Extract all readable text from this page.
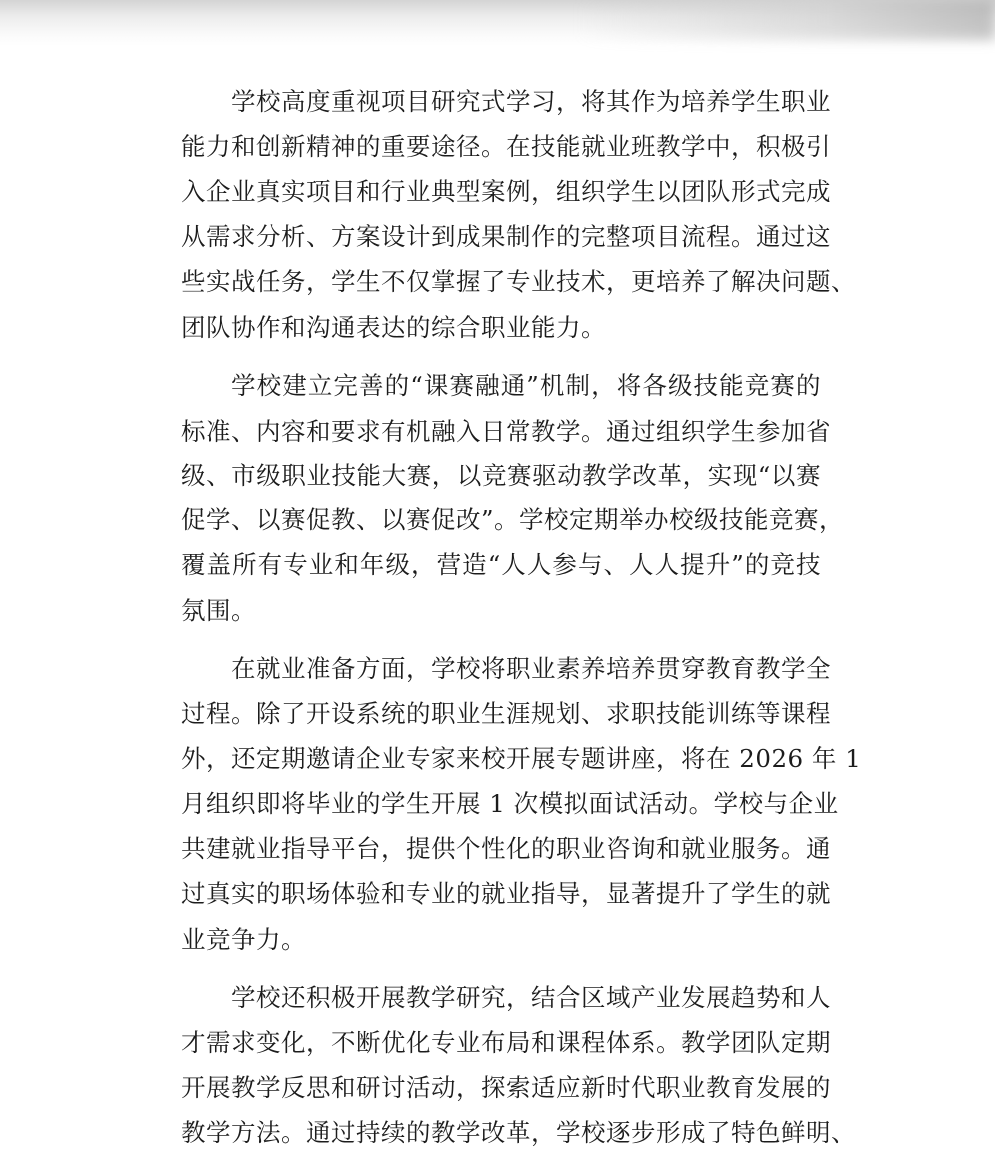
学校高度重视项目研究式学习，将其作为培养学生职业
能力和创新精神的重要途径。在技能就业班教学中，积极引
入企业真实项目和行业典型案例，组织学生以团队形式完成
从需求分析、方案设计到成果制作的完整项目流程。通过这
些实战任务，学生不仅掌握了专业技术，更培养了解决问题、
团队协作和沟通表达的综合职业能力。
学校建立完善的“课赛融通”机制，将各级技能竞赛的
标准、内容和要求有机融入日常教学。通过组织学生参加省
级、市级职业技能大赛，以竞赛驱动教学改革，实现“以赛
促学、以赛促教、以赛促改”。学校定期举办校级技能竞赛，
覆盖所有专业和年级，营造“人人参与、人人提升”的竞技
氛围。
在就业准备方面，学校将职业素养培养贯穿教育教学全
过程。除了开设系统的职业生涯规划、求职技能训练等课程
外，还定期邀请企业专家来校开展专题讲座，将在 2026 年 1
月组织即将毕业的学生开展 1 次模拟面试活动。学校与企业
共建就业指导平台，提供个性化的职业咨询和就业服务。通
过真实的职场体验和专业的就业指导，显著提升了学生的就
业竞争力。
学校还积极开展教学研究，结合区域产业发展趋势和人
才需求变化，不断优化专业布局和课程体系。教学团队定期
开展教学反思和研讨活动，探索适应新时代职业教育发展的
教学方法。通过持续的教学改革，学校逐步形成了特色鲜明、
